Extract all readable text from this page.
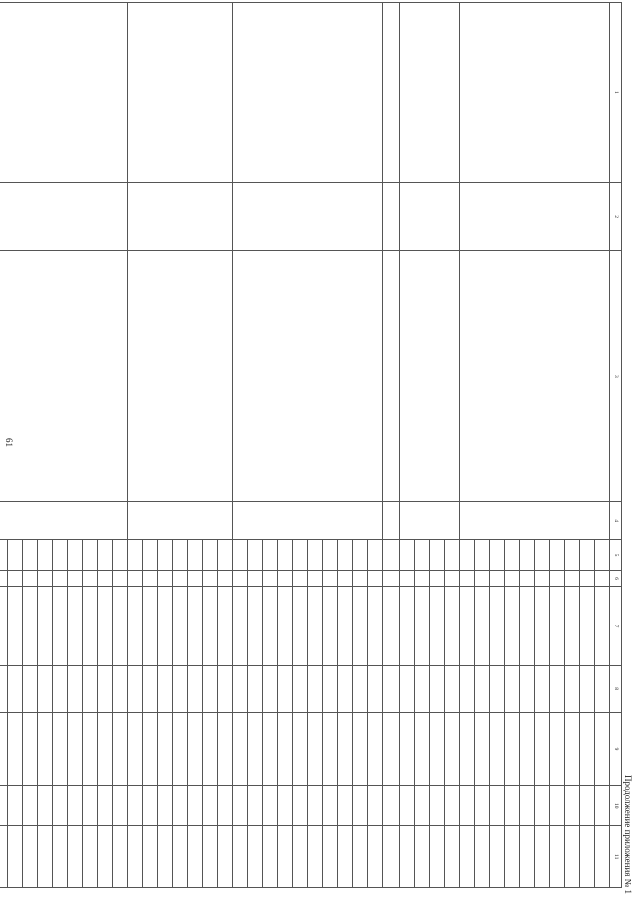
61
Продолжение приложения № 1
1	2	3	4	5	6	7	8	9	10	11
